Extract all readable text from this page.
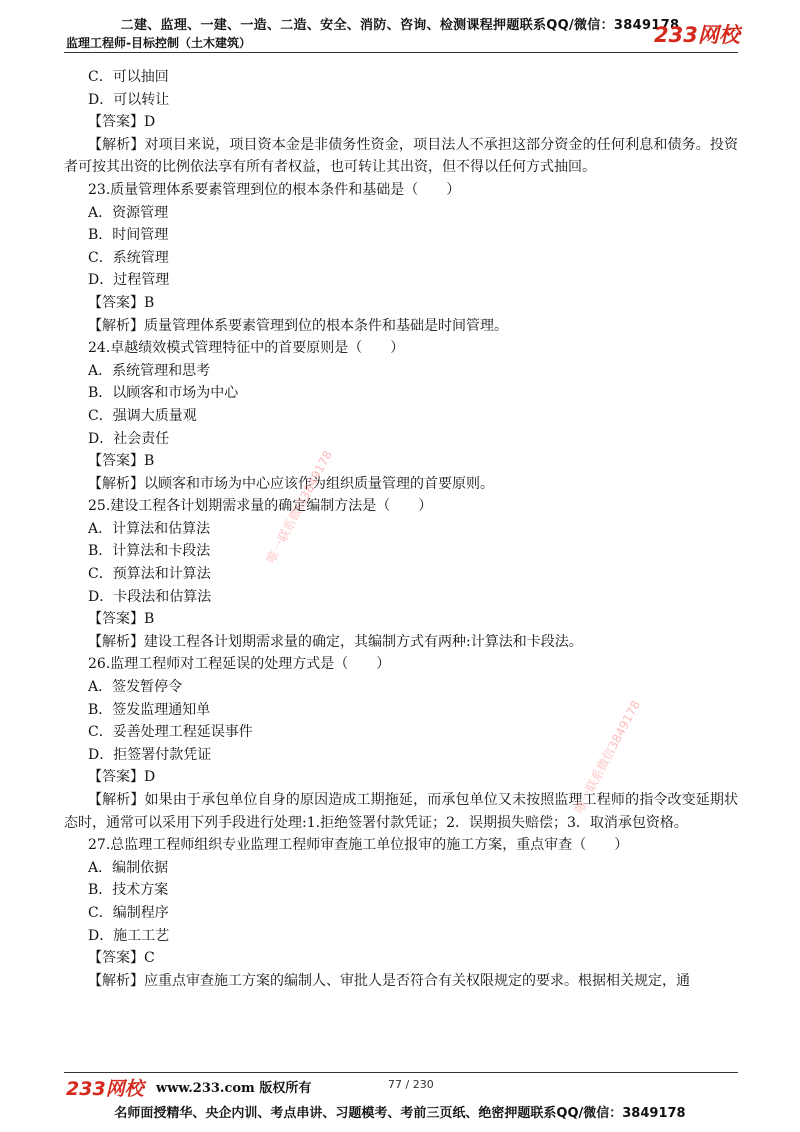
二建、监理、一建、一造、二造、安全、消防、咨询、检测课程押题联系QQ/微信：3849178
监理工程师-目标控制（土木建筑）	233网校
C．可以抽回
D．可以转让
【答案】D
【解析】对项目来说，项目资本金是非债务性资金，项目法人不承担这部分资金的任何利息和债务。投资者可按其出资的比例依法享有所有者权益，也可转让其出资，但不得以任何方式抽回。
23.质量管理体系要素管理到位的根本条件和基础是（　　）
A．资源管理
B．时间管理
C．系统管理
D．过程管理
【答案】B
【解析】质量管理体系要素管理到位的根本条件和基础是时间管理。
24.卓越绩效模式管理特征中的首要原则是（　　）
A．系统管理和思考
B．以顾客和市场为中心
C．强调大质量观
D．社会责任
【答案】B
【解析】以顾客和市场为中心应该作为组织质量管理的首要原则。
25.建设工程各计划期需求量的确定编制方法是（　　）
A．计算法和估算法
B．计算法和卡段法
C．预算法和计算法
D．卡段法和估算法
【答案】B
【解析】建设工程各计划期需求量的确定，其编制方式有两种:计算法和卡段法。
26.监理工程师对工程延误的处理方式是（　　）
A．签发暂停令
B．签发监理通知单
C．妥善处理工程延误事件
D．拒签署付款凭证
【答案】D
【解析】如果由于承包单位自身的原因造成工期拖延，而承包单位又未按照监理工程师的指令改变延期状态时，通常可以采用下列手段进行处理:1.拒绝签署付款凭证；2．误期损失赔偿；3．取消承包资格。
27.总监理工程师组织专业监理工程师审查施工单位报审的施工方案，重点审查（　　）
A．编制依据
B．技术方案
C．编制程序
D．施工工艺
【答案】C
【解析】应重点审查施工方案的编制人、审批人是否符合有关权限规定的要求。根据相关规定，通
唯一联系微信3849178
唯一联系微信3849178
233网校 www.233.com 版权所有	77 / 230
名师面授精华、央企内训、考点串讲、习题模考、考前三页纸、绝密押题联系QQ/微信：3849178
